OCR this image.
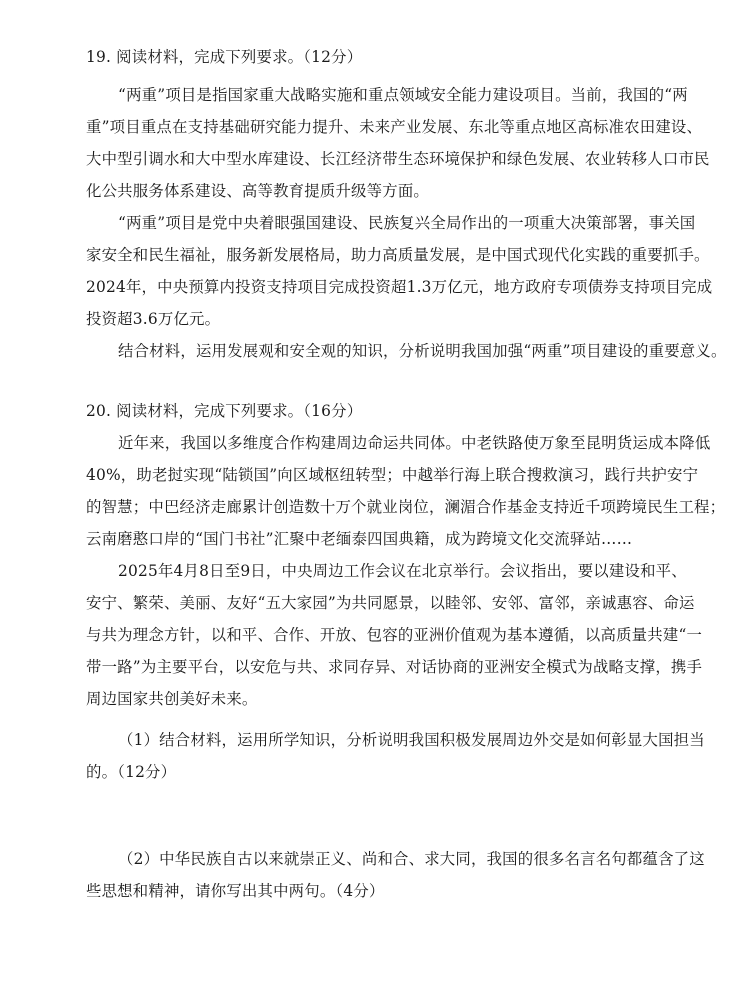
19. 阅读材料，完成下列要求。（12分）
“两重”项目是指国家重大战略实施和重点领域安全能力建设项目。当前，我国的“两
重”项目重点在支持基础研究能力提升、未来产业发展、东北等重点地区高标准农田建设、
大中型引调水和大中型水库建设、长江经济带生态环境保护和绿色发展、农业转移人口市民
化公共服务体系建设、高等教育提质升级等方面。
“两重”项目是党中央着眼强国建设、民族复兴全局作出的一项重大决策部署，事关国
家安全和民生福祉，服务新发展格局，助力高质量发展，是中国式现代化实践的重要抓手。
2024年，中央预算内投资支持项目完成投资超1.3万亿元，地方政府专项债券支持项目完成
投资超3.6万亿元。
结合材料，运用发展观和安全观的知识，分析说明我国加强“两重”项目建设的重要意义。
20. 阅读材料，完成下列要求。（16分）
近年来，我国以多维度合作构建周边命运共同体。中老铁路使万象至昆明货运成本降低
40%，助老挝实现“陆锁国”向区域枢纽转型；中越举行海上联合搜救演习，践行共护安宁
的智慧；中巴经济走廊累计创造数十万个就业岗位，澜湄合作基金支持近千项跨境民生工程；
云南磨憨口岸的“国门书社”汇聚中老缅泰四国典籍，成为跨境文化交流驿站……
2025年4月8日至9日，中央周边工作会议在北京举行。会议指出，要以建设和平、
安宁、繁荣、美丽、友好“五大家园”为共同愿景，以睦邻、安邻、富邻，亲诚惠容、命运
与共为理念方针，以和平、合作、开放、包容的亚洲价值观为基本遵循，以高质量共建“一
带一路”为主要平台，以安危与共、求同存异、对话协商的亚洲安全模式为战略支撑，携手
周边国家共创美好未来。
（1）结合材料，运用所学知识，分析说明我国积极发展周边外交是如何彰显大国担当
的。（12分）
（2）中华民族自古以来就崇正义、尚和合、求大同，我国的很多名言名句都蕴含了这
些思想和精神，请你写出其中两句。（4分）
